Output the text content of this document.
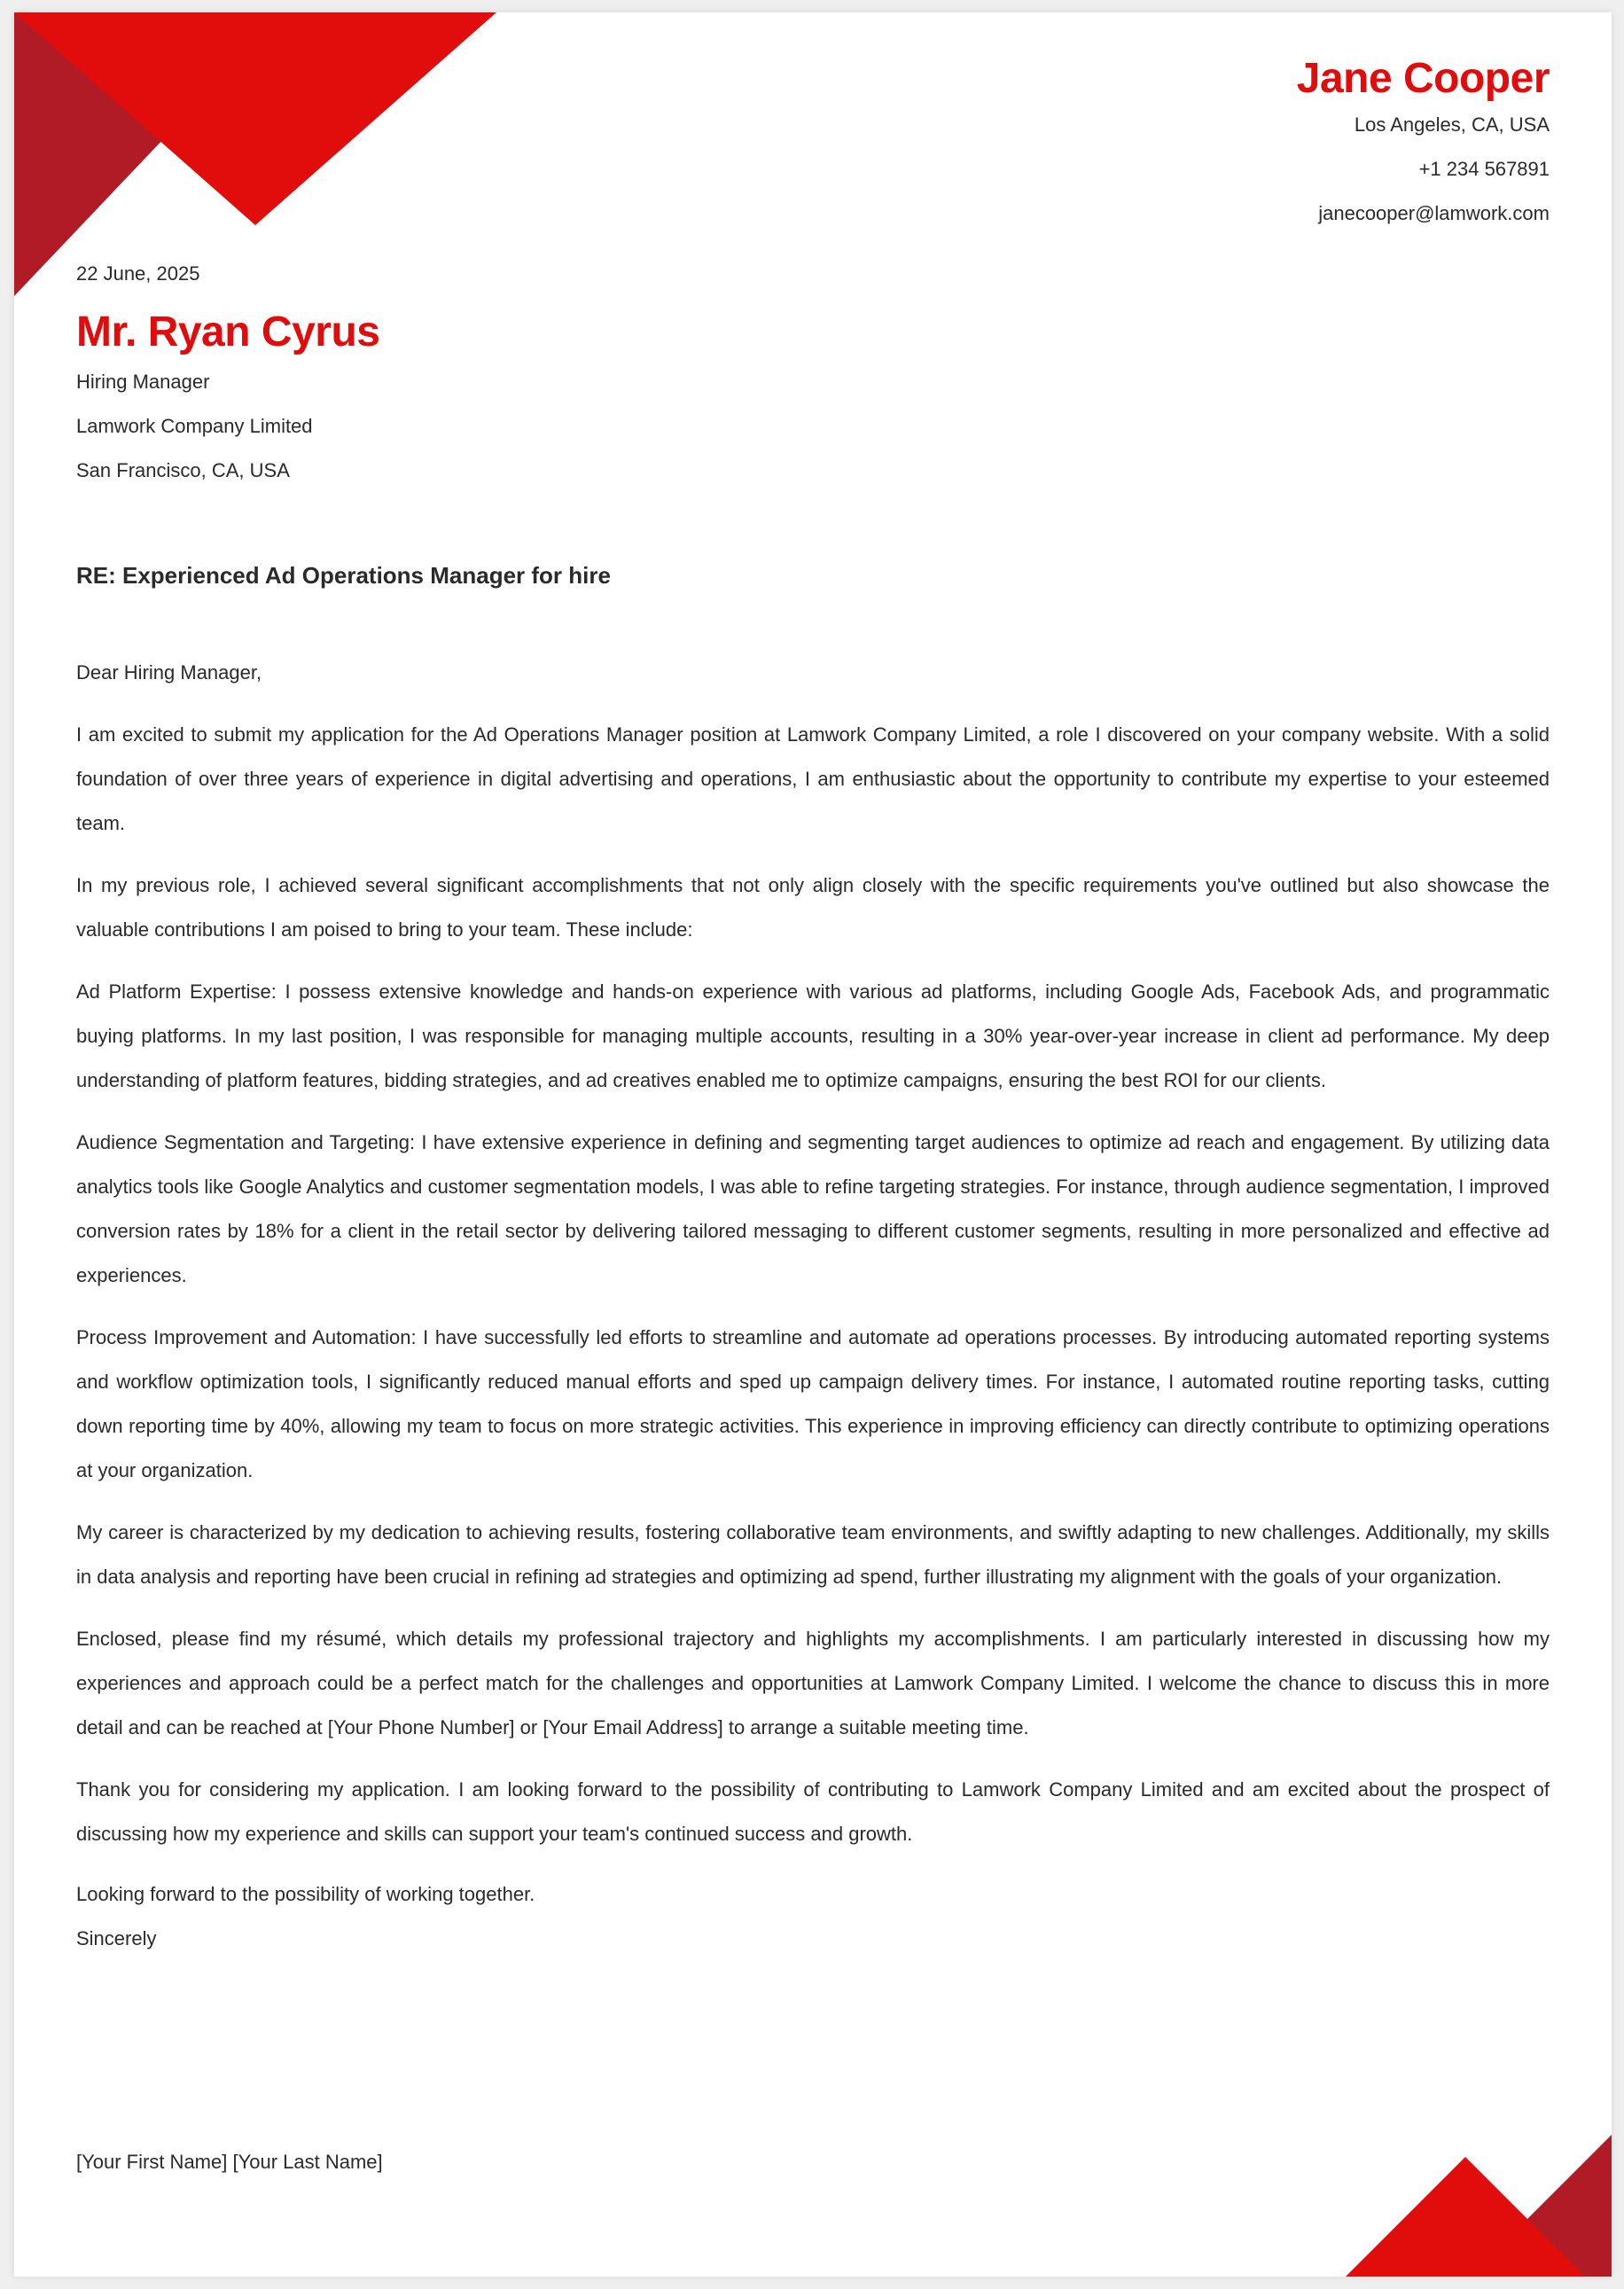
Jane Cooper
Los Angeles, CA, USA
+1 234 567891
janecooper@lamwork.com
22 June, 2025
Mr. Ryan Cyrus
Hiring Manager
Lamwork Company Limited
San Francisco, CA, USA
RE: Experienced Ad Operations Manager for hire
Dear Hiring Manager,

I am excited to submit my application for the Ad Operations Manager position at Lamwork Company Limited, a role I discovered on your company website. With a solid foundation of over three years of experience in digital advertising and operations, I am enthusiastic about the opportunity to contribute my expertise to your esteemed team.

In my previous role, I achieved several significant accomplishments that not only align closely with the specific requirements you've outlined but also showcase the valuable contributions I am poised to bring to your team. These include:

Ad Platform Expertise: I possess extensive knowledge and hands-on experience with various ad platforms, including Google Ads, Facebook Ads, and programmatic buying platforms. In my last position, I was responsible for managing multiple accounts, resulting in a 30% year-over-year increase in client ad performance. My deep understanding of platform features, bidding strategies, and ad creatives enabled me to optimize campaigns, ensuring the best ROI for our clients.

Audience Segmentation and Targeting: I have extensive experience in defining and segmenting target audiences to optimize ad reach and engagement. By utilizing data analytics tools like Google Analytics and customer segmentation models, I was able to refine targeting strategies. For instance, through audience segmentation, I improved conversion rates by 18% for a client in the retail sector by delivering tailored messaging to different customer segments, resulting in more personalized and effective ad experiences.

Process Improvement and Automation: I have successfully led efforts to streamline and automate ad operations processes. By introducing automated reporting systems and workflow optimization tools, I significantly reduced manual efforts and sped up campaign delivery times. For instance, I automated routine reporting tasks, cutting down reporting time by 40%, allowing my team to focus on more strategic activities. This experience in improving efficiency can directly contribute to optimizing operations at your organization.

My career is characterized by my dedication to achieving results, fostering collaborative team environments, and swiftly adapting to new challenges. Additionally, my skills in data analysis and reporting have been crucial in refining ad strategies and optimizing ad spend, further illustrating my alignment with the goals of your organization.

Enclosed, please find my résumé, which details my professional trajectory and highlights my accomplishments. I am particularly interested in discussing how my experiences and approach could be a perfect match for the challenges and opportunities at Lamwork Company Limited. I welcome the chance to discuss this in more detail and can be reached at [Your Phone Number] or [Your Email Address] to arrange a suitable meeting time.

Thank you for considering my application. I am looking forward to the possibility of contributing to Lamwork Company Limited and am excited about the prospect of discussing how my experience and skills can support your team's continued success and growth.

Looking forward to the possibility of working together.
Sincerely
[Your First Name] [Your Last Name]
